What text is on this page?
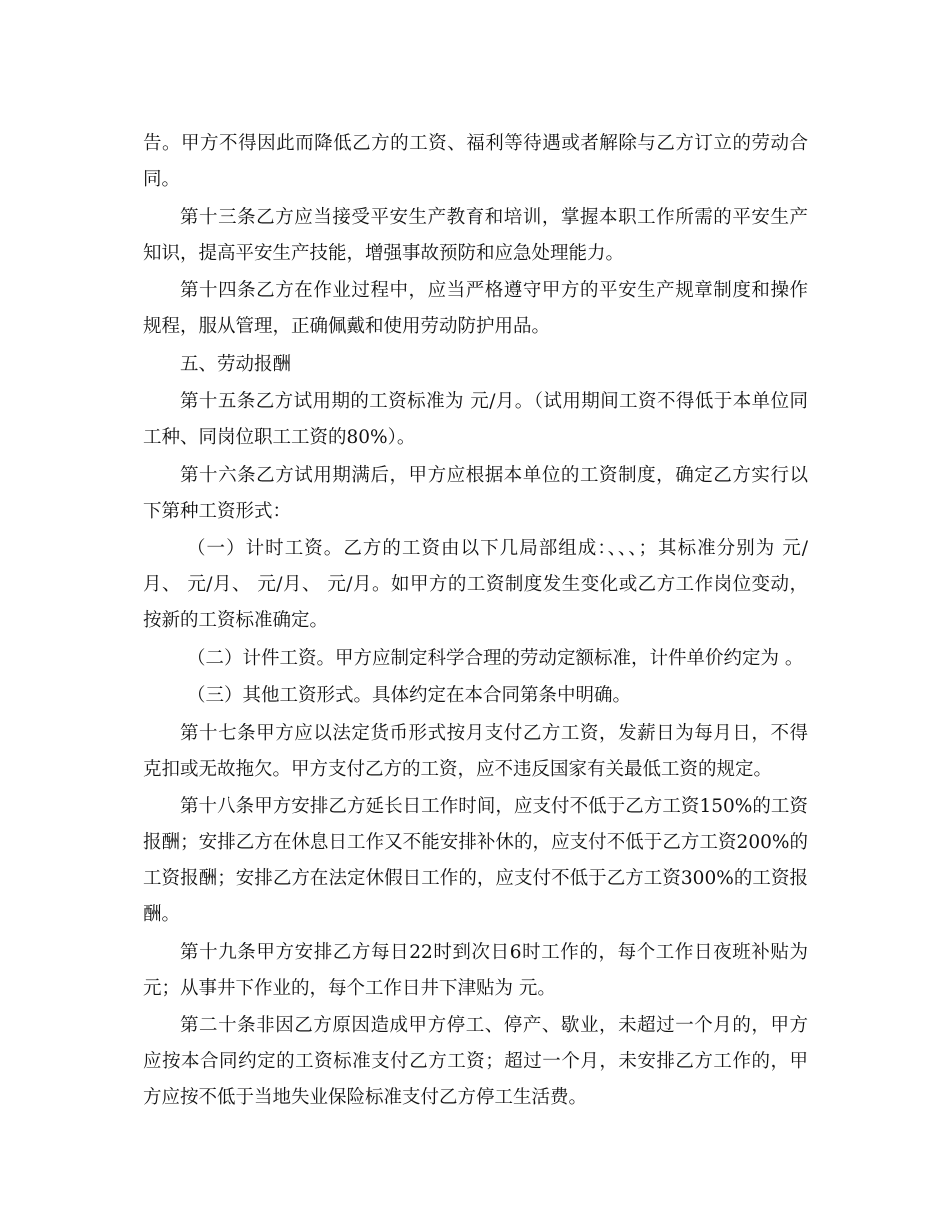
告。甲方不得因此而降低乙方的工资、福利等待遇或者解除与乙方订立的劳动合同。

第十三条乙方应当接受平安生产教育和培训，掌握本职工作所需的平安生产知识，提高平安生产技能，增强事故预防和应急处理能力。

第十四条乙方在作业过程中，应当严格遵守甲方的平安生产规章制度和操作规程，服从管理，正确佩戴和使用劳动防护用品。

五、劳动报酬

第十五条乙方试用期的工资标准为 元/月。（试用期间工资不得低于本单位同工种、同岗位职工工资的80%）。

第十六条乙方试用期满后，甲方应根据本单位的工资制度，确定乙方实行以下第种工资形式：

（一）计时工资。乙方的工资由以下几局部组成：、、、；其标准分别为 元/月、 元/月、 元/月、 元/月。如甲方的工资制度发生变化或乙方工作岗位变动，按新的工资标准确定。

（二）计件工资。甲方应制定科学合理的劳动定额标准，计件单价约定为 。

（三）其他工资形式。具体约定在本合同第条中明确。

第十七条甲方应以法定货币形式按月支付乙方工资，发薪日为每月日，不得克扣或无故拖欠。甲方支付乙方的工资，应不违反国家有关最低工资的规定。

第十八条甲方安排乙方延长日工作时间，应支付不低于乙方工资150%的工资报酬；安排乙方在休息日工作又不能安排补休的，应支付不低于乙方工资200%的工资报酬；安排乙方在法定休假日工作的，应支付不低于乙方工资300%的工资报酬。

第十九条甲方安排乙方每日22时到次日6时工作的，每个工作日夜班补贴为 元；从事井下作业的，每个工作日井下津贴为 元。

第二十条非因乙方原因造成甲方停工、停产、歇业，未超过一个月的，甲方应按本合同约定的工资标准支付乙方工资；超过一个月，未安排乙方工作的，甲方应按不低于当地失业保险标准支付乙方停工生活费。
